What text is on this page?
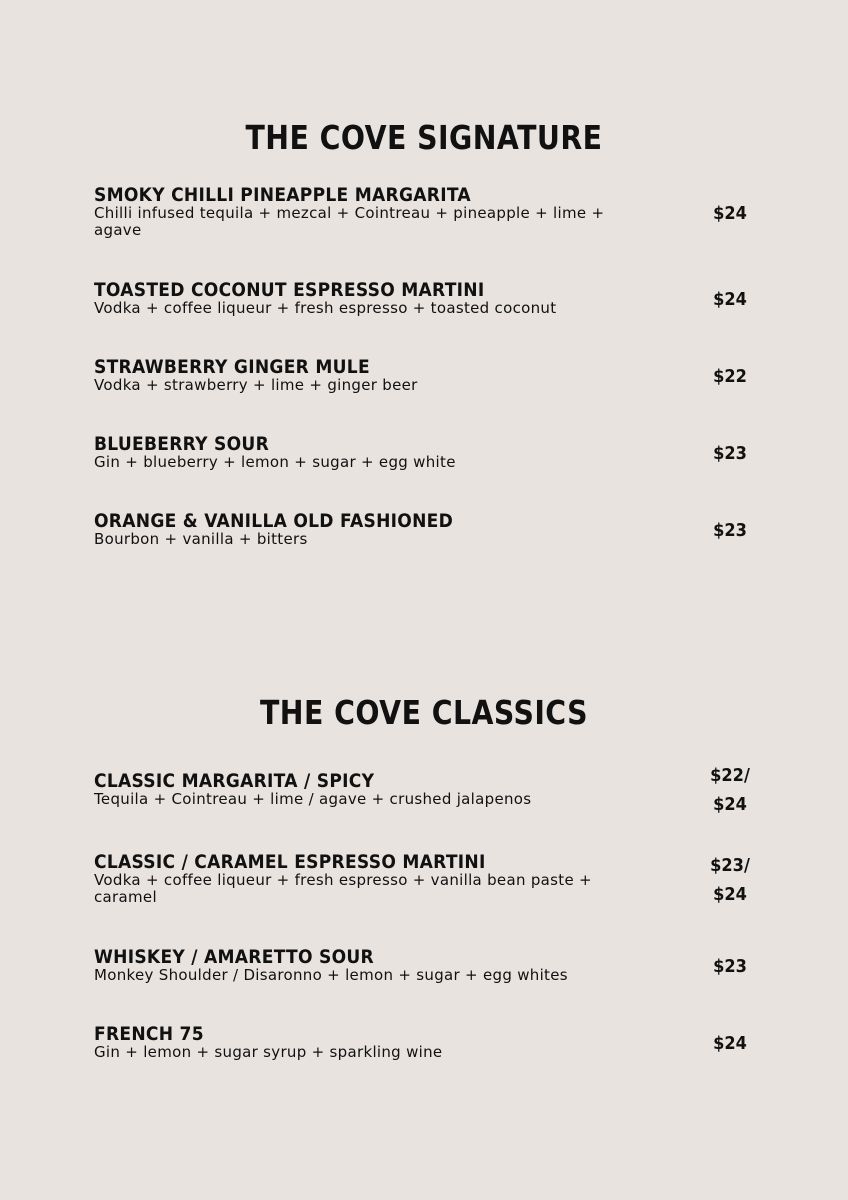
THE COVE SIGNATURE
SMOKY CHILLI PINEAPPLE MARGARITA
Chilli infused tequila + mezcal + Cointreau + pineapple + lime + agave
$24
TOASTED COCONUT ESPRESSO MARTINI
Vodka + coffee liqueur + fresh espresso + toasted coconut	$24
STRAWBERRY GINGER MULE
Vodka + strawberry + lime + ginger beer	$22
BLUEBERRY SOUR
Gin + blueberry + lemon + sugar + egg white	$23
ORANGE & VANILLA OLD FASHIONED
Bourbon + vanilla + bitters	$23
THE COVE CLASSICS
CLASSIC MARGARITA / SPICY
Tequila + Cointreau + lime / agave + crushed jalapenos
$22/
$24
CLASSIC / CARAMEL ESPRESSO MARTINI
Vodka + coffee liqueur + fresh espresso + vanilla bean paste + caramel
$23/
$24
WHISKEY / AMARETTO SOUR
Monkey Shoulder / Disaronno + lemon + sugar + egg whites	$23
FRENCH 75
Gin + lemon + sugar syrup + sparkling wine	$24
